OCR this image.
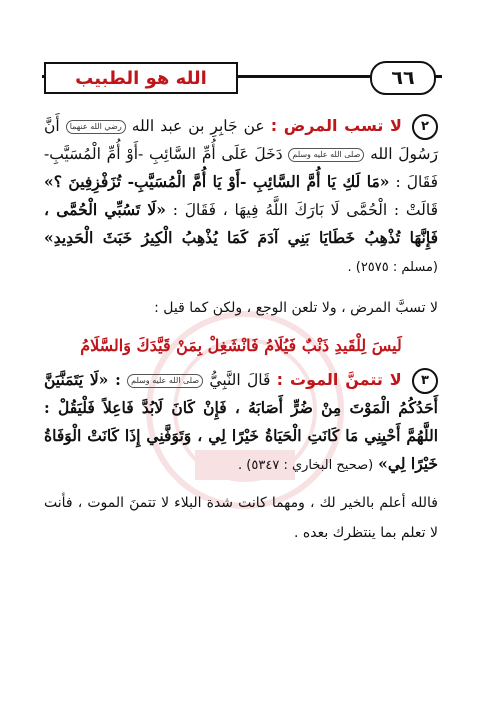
الله هو الطبيب	٦٦

٢ لا تسب المرض : عن جَابِرِ بن عبد الله رضي الله عنهما أَنَّ رَسُولَ الله صلى الله عليه وسلم دَخَلَ عَلَى أُمِّ السَّائِبِ -أَوْ أُمِّ الْمُسَيَّبِ- فَقَالَ : «مَا لَكِ يَا أُمَّ السَّائِبِ -أَوْ يَا أُمَّ الْمُسَيَّبِ- تُزَفْزِفِينَ ؟» قَالَتْ : الْحُمَّى لَا بَارَكَ اللَّهُ فِيهَا ، فَقَالَ : «لَا تَسُبِّي الْحُمَّى ، فَإِنَّهَا تُذْهِبُ خَطَايَا بَنِي آدَمَ كَمَا يُذْهِبُ الْكِيرُ خَبَثَ الْحَدِيدِ» (مسلم : ٢٥٧٥) .

لا تسبَّ المرض ، ولا تلعن الوجع ، ولكن كما قيل :

لَيسَ لِلْقَيدِ ذَنْبٌ فَيُلَامُ فَانْشَغِلْ بِمَنْ قَيَّدَكَ وَالسَّلَامُ

٣ لا تتمنَّ الموت : قَالَ النَّبِيُّ صلى الله عليه وسلم : «لَا يَتَمَنَّيَنَّ أَحَدُكُمُ الْمَوْتَ مِنْ ضُرٍّ أَصَابَهُ ، فَإِنْ كَانَ لَابُدَّ فَاعِلاً فَلْيَقُلْ : اللَّهُمَّ أَحْيِنِي مَا كَانَتِ الْحَيَاةُ خَيْرًا لِي ، وَتَوَفَّنِي إِذَا كَانَتْ الْوَفَاةُ خَيْرًا لِي» (صحيح البخاري : ٥٣٤٧) .

فالله أعلم بالخير لك ، ومهما كانت شدة البلاء لا تتمنَ الموت ، فأنت لا تعلم بما ينتظرك بعده .
